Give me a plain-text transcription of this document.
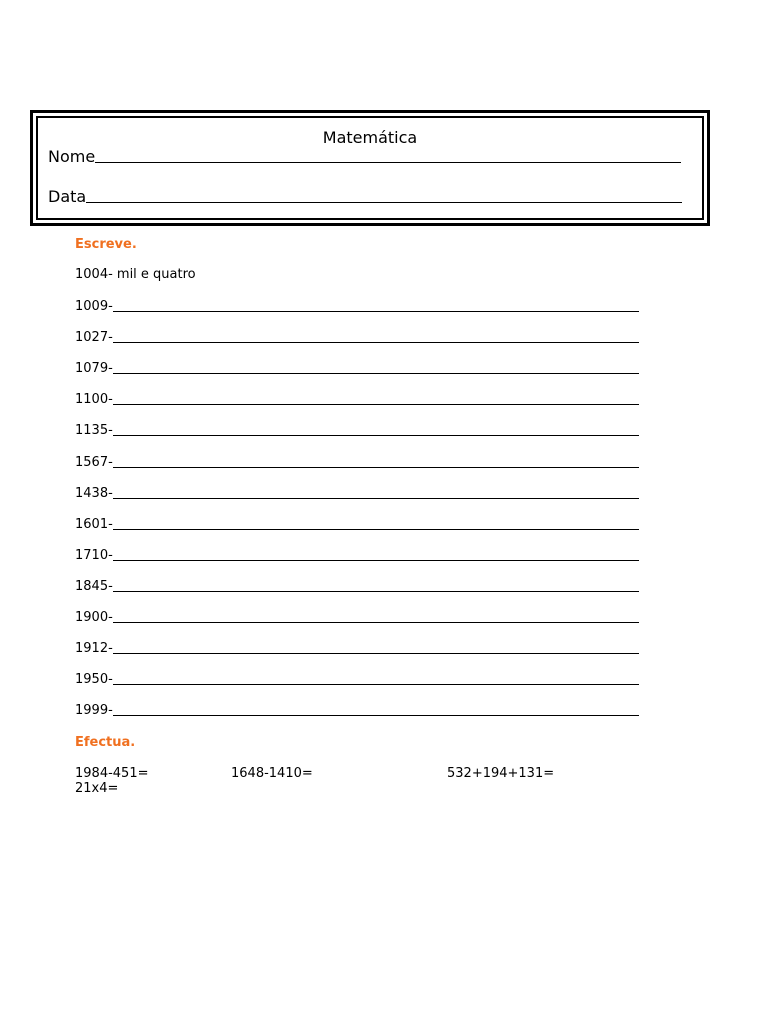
Matemática
Nome
Data
Escreve.
1004- mil e quatro
1009-
1027-
1079-
1100-
1135-
1567-
1438-
1601-
1710-
1845-
1900-
1912-
1950-
1999-
Efectua.
1984-451=	1648-1410=	532+194+131=
21x4=
